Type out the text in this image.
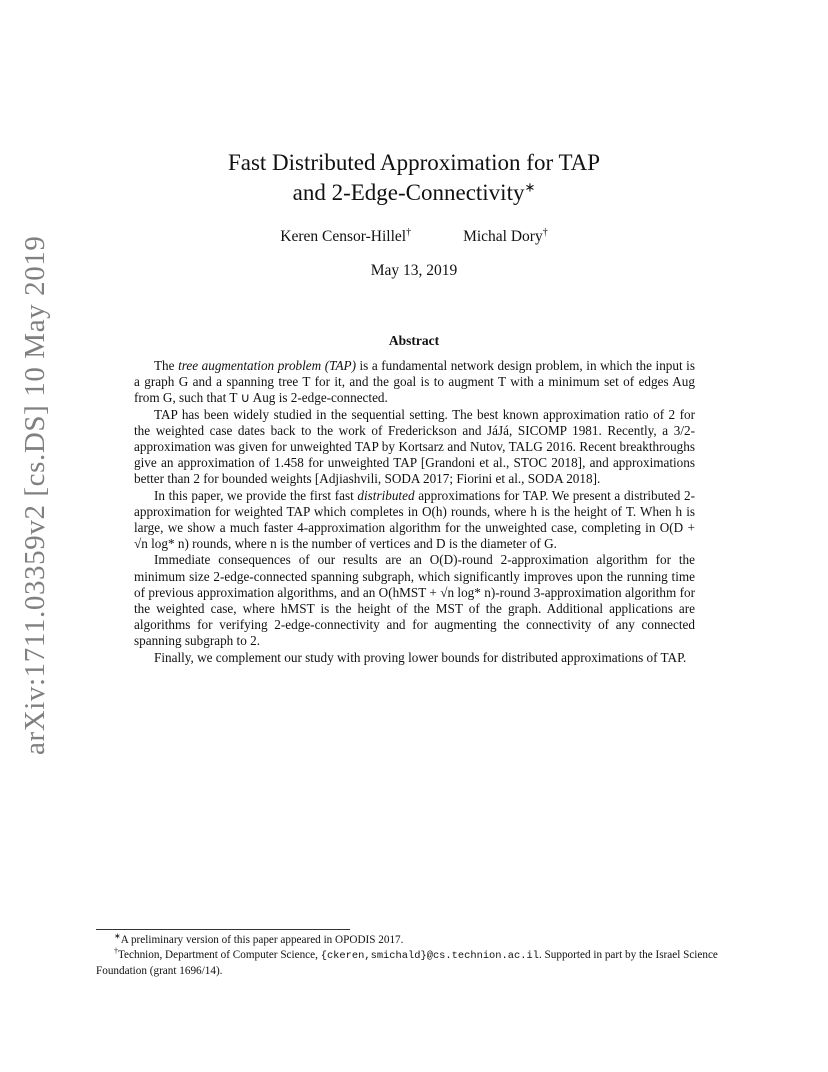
arXiv:1711.03359v2 [cs.DS] 10 May 2019
Fast Distributed Approximation for TAP
and 2-Edge-Connectivity∗
Keren Censor-Hillel†	Michal Dory†
May 13, 2019
Abstract

The tree augmentation problem (TAP) is a fundamental network design problem, in which the input is a graph G and a spanning tree T for it, and the goal is to augment T with a minimum set of edges Aug from G, such that T ∪ Aug is 2-edge-connected.

TAP has been widely studied in the sequential setting. The best known approximation ratio of 2 for the weighted case dates back to the work of Frederickson and JáJá, SICOMP 1981. Recently, a 3/2-approximation was given for unweighted TAP by Kortsarz and Nutov, TALG 2016. Recent breakthroughs give an approximation of 1.458 for unweighted TAP [Grandoni et al., STOC 2018], and approximations better than 2 for bounded weights [Adjiashvili, SODA 2017; Fiorini et al., SODA 2018].

In this paper, we provide the first fast distributed approximations for TAP. We present a distributed 2-approximation for weighted TAP which completes in O(h) rounds, where h is the height of T. When h is large, we show a much faster 4-approximation algorithm for the unweighted case, completing in O(D + √n log* n) rounds, where n is the number of vertices and D is the diameter of G.

Immediate consequences of our results are an O(D)-round 2-approximation algorithm for the minimum size 2-edge-connected spanning subgraph, which significantly improves upon the running time of previous approximation algorithms, and an O(hMST + √n log* n)-round 3-approximation algorithm for the weighted case, where hMST is the height of the MST of the graph. Additional applications are algorithms for verifying 2-edge-connectivity and for augmenting the connectivity of any connected spanning subgraph to 2.

Finally, we complement our study with proving lower bounds for distributed approximations of TAP.

∗A preliminary version of this paper appeared in OPODIS 2017.

†Technion, Department of Computer Science, {ckeren,smichald}@cs.technion.ac.il. Supported in part by the Israel Science Foundation (grant 1696/14).
